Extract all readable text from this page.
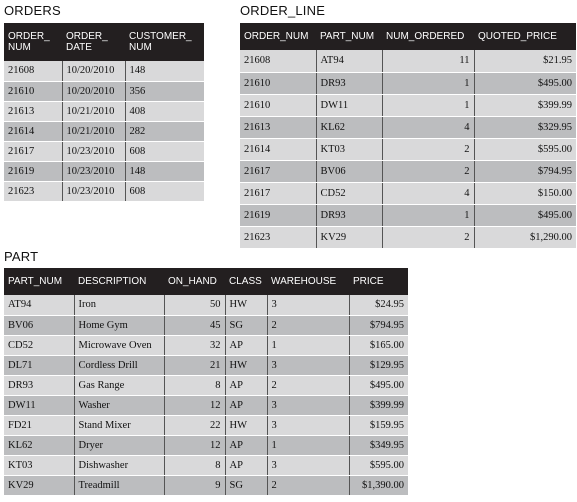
ORDERS
ORDER_ NUM	ORDER_ DATE	CUSTOMER_ NUM
21608	10/20/2010	148
21610	10/20/2010	356
21613	10/21/2010	408
21614	10/21/2010	282
21617	10/23/2010	608
21619	10/23/2010	148
21623	10/23/2010	608
ORDER_LINE
ORDER_NUM	PART_NUM	NUM_ORDERED	QUOTED_PRICE
21608	AT94	11	$21.95
21610	DR93	1	$495.00
21610	DW11	1	$399.99
21613	KL62	4	$329.95
21614	KT03	2	$595.00
21617	BV06	2	$794.95
21617	CD52	4	$150.00
21619	DR93	1	$495.00
21623	KV29	2	$1,290.00
PART
PART_NUM	DESCRIPTION	ON_HAND	CLASS	WAREHOUSE	PRICE
AT94	Iron	50	HW	3	$24.95
BV06	Home Gym	45	SG	2	$794.95
CD52	Microwave Oven	32	AP	1	$165.00
DL71	Cordless Drill	21	HW	3	$129.95
DR93	Gas Range	8	AP	2	$495.00
DW11	Washer	12	AP	3	$399.99
FD21	Stand Mixer	22	HW	3	$159.95
KL62	Dryer	12	AP	1	$349.95
KT03	Dishwasher	8	AP	3	$595.00
KV29	Treadmill	9	SG	2	$1,390.00
